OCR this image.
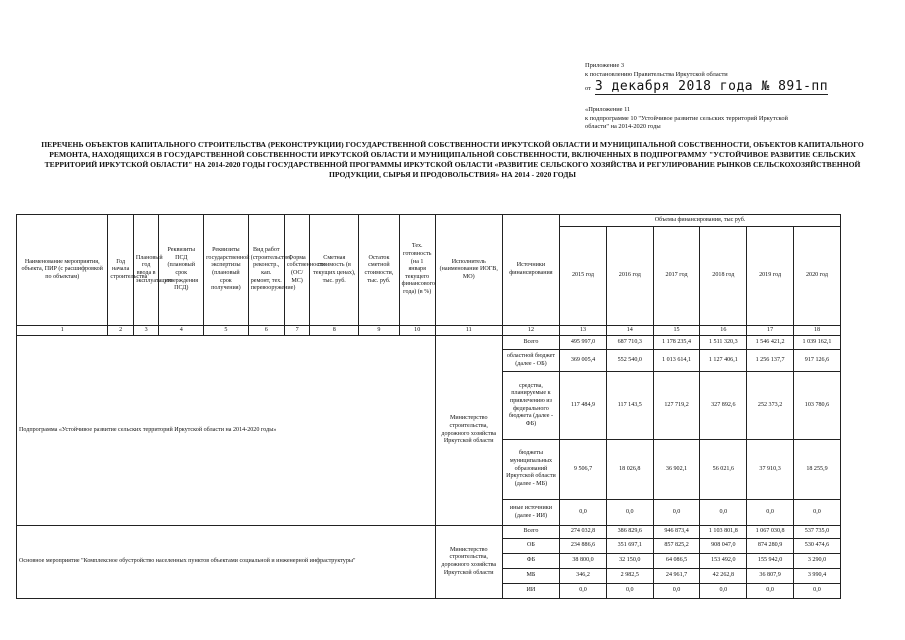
Приложение 3
к постановлению Правительства Иркутской области
от 3 декабря 2018 года № 891-пп
«Приложение 11
к подпрограмме 10 "Устойчивое развитие сельских территорий Иркутской
области" на 2014-2020 годы
ПЕРЕЧЕНЬ ОБЪЕКТОВ КАПИТАЛЬНОГО СТРОИТЕЛЬСТВА (РЕКОНСТРУКЦИИ) ГОСУДАРСТВЕННОЙ СОБСТВЕННОСТИ ИРКУТСКОЙ ОБЛАСТИ И МУНИЦИПАЛЬНОЙ СОБСТВЕННОСТИ, ОБЪЕКТОВ КАПИТАЛЬНОГО РЕМОНТА, НАХОДЯЩИХСЯ В ГОСУДАРСТВЕННОЙ СОБСТВЕННОСТИ ИРКУТСКОЙ ОБЛАСТИ И МУНИЦИПАЛЬНОЙ СОБСТВЕННОСТИ, ВКЛЮЧЕННЫХ В ПОДПРОГРАММУ "УСТОЙЧИВОЕ РАЗВИТИЕ СЕЛЬСКИХ ТЕРРИТОРИЙ ИРКУТСКОЙ ОБЛАСТИ" НА 2014-2020 ГОДЫ ГОСУДАРСТВЕННОЙ ПРОГРАММЫ ИРКУТСКОЙ ОБЛАСТИ «РАЗВИТИЕ СЕЛЬСКОГО ХОЗЯЙСТВА И РЕГУЛИРОВАНИЕ РЫНКОВ СЕЛЬСКОХОЗЯЙСТВЕННОЙ ПРОДУКЦИИ, СЫРЬЯ И ПРОДОВОЛЬСТВИЯ» НА 2014 - 2020 ГОДЫ
Наименование мероприятия, объекта, ПИР (с расшифровкой по объектам)	Год начала строительства	Плановый год ввода в эксплуатацию	Реквизиты ПСД (плановый срок утверждения ПСД)	Реквизиты государственной экспертизы (плановый срок получения)	Вид работ (строительство, реконстр., кап. ремонт, тех. перевооружение)	Форма собственности (ОС/МС)	Сметная стоимость (в текущих ценах), тыс. руб.	Остаток сметной стоимости, тыс. руб.	Тех. готовность (на 1 января текущего финансового года) (в %)	Исполнитель (наименование ИОГВ, МО)	Источники финансирования	Объемы финансирования, тыс руб.					
												2015 год	2016 год	2017 год	2018 год	2019 год	2020 год
1	2	3	4	5	6	7	8	9	10	11	12	13	14	15	16	17	18
Подпрограмма «Устойчивое развитие сельских территорий Иркутской области на 2014-2020 годы»										Министерство строительства, дорожного хозяйства Иркутской области	Всего	495 997,0	687 710,3	1 178 235,4	1 511 320,3	1 546 421,2	1 039 162,1
											областной бюджет (далее - ОБ)	369 005,4	552 540,0	1 013 614,1	1 127 406,1	1 256 137,7	917 126,6
											средства, планируемые к привлечению из федерального бюджета (далее - ФБ)	117 484,9	117 143,5	127 719,2	327 892,6	252 373,2	103 780,6
											бюджеты муниципальных образований Иркутской области (далее - МБ)	9 506,7	18 026,8	36 902,1	56 021,6	37 910,3	18 255,9
											иные источники (далее - ИИ)	0,0	0,0	0,0	0,0	0,0	0,0
Основное мероприятие "Комплексное обустройство населенных пунктов объектами социальной и инженерной инфраструктуры"										Министерство строительства, дорожного хозяйства Иркутской области	Всего	274 032,8	386 829,6	946 873,4	1 103 801,8	1 067 030,8	537 735,0
											ОБ	234 886,6	351 697,1	857 825,2	908 047,0	874 280,9	530 474,6
											ФБ	38 800,0	32 150,0	64 086,5	153 492,0	155 942,0	3 290,0
											МБ	346,2	2 982,5	24 961,7	42 262,8	36 807,9	3 990,4
											ИИ	0,0	0,0	0,0	0,0	0,0	0,0
